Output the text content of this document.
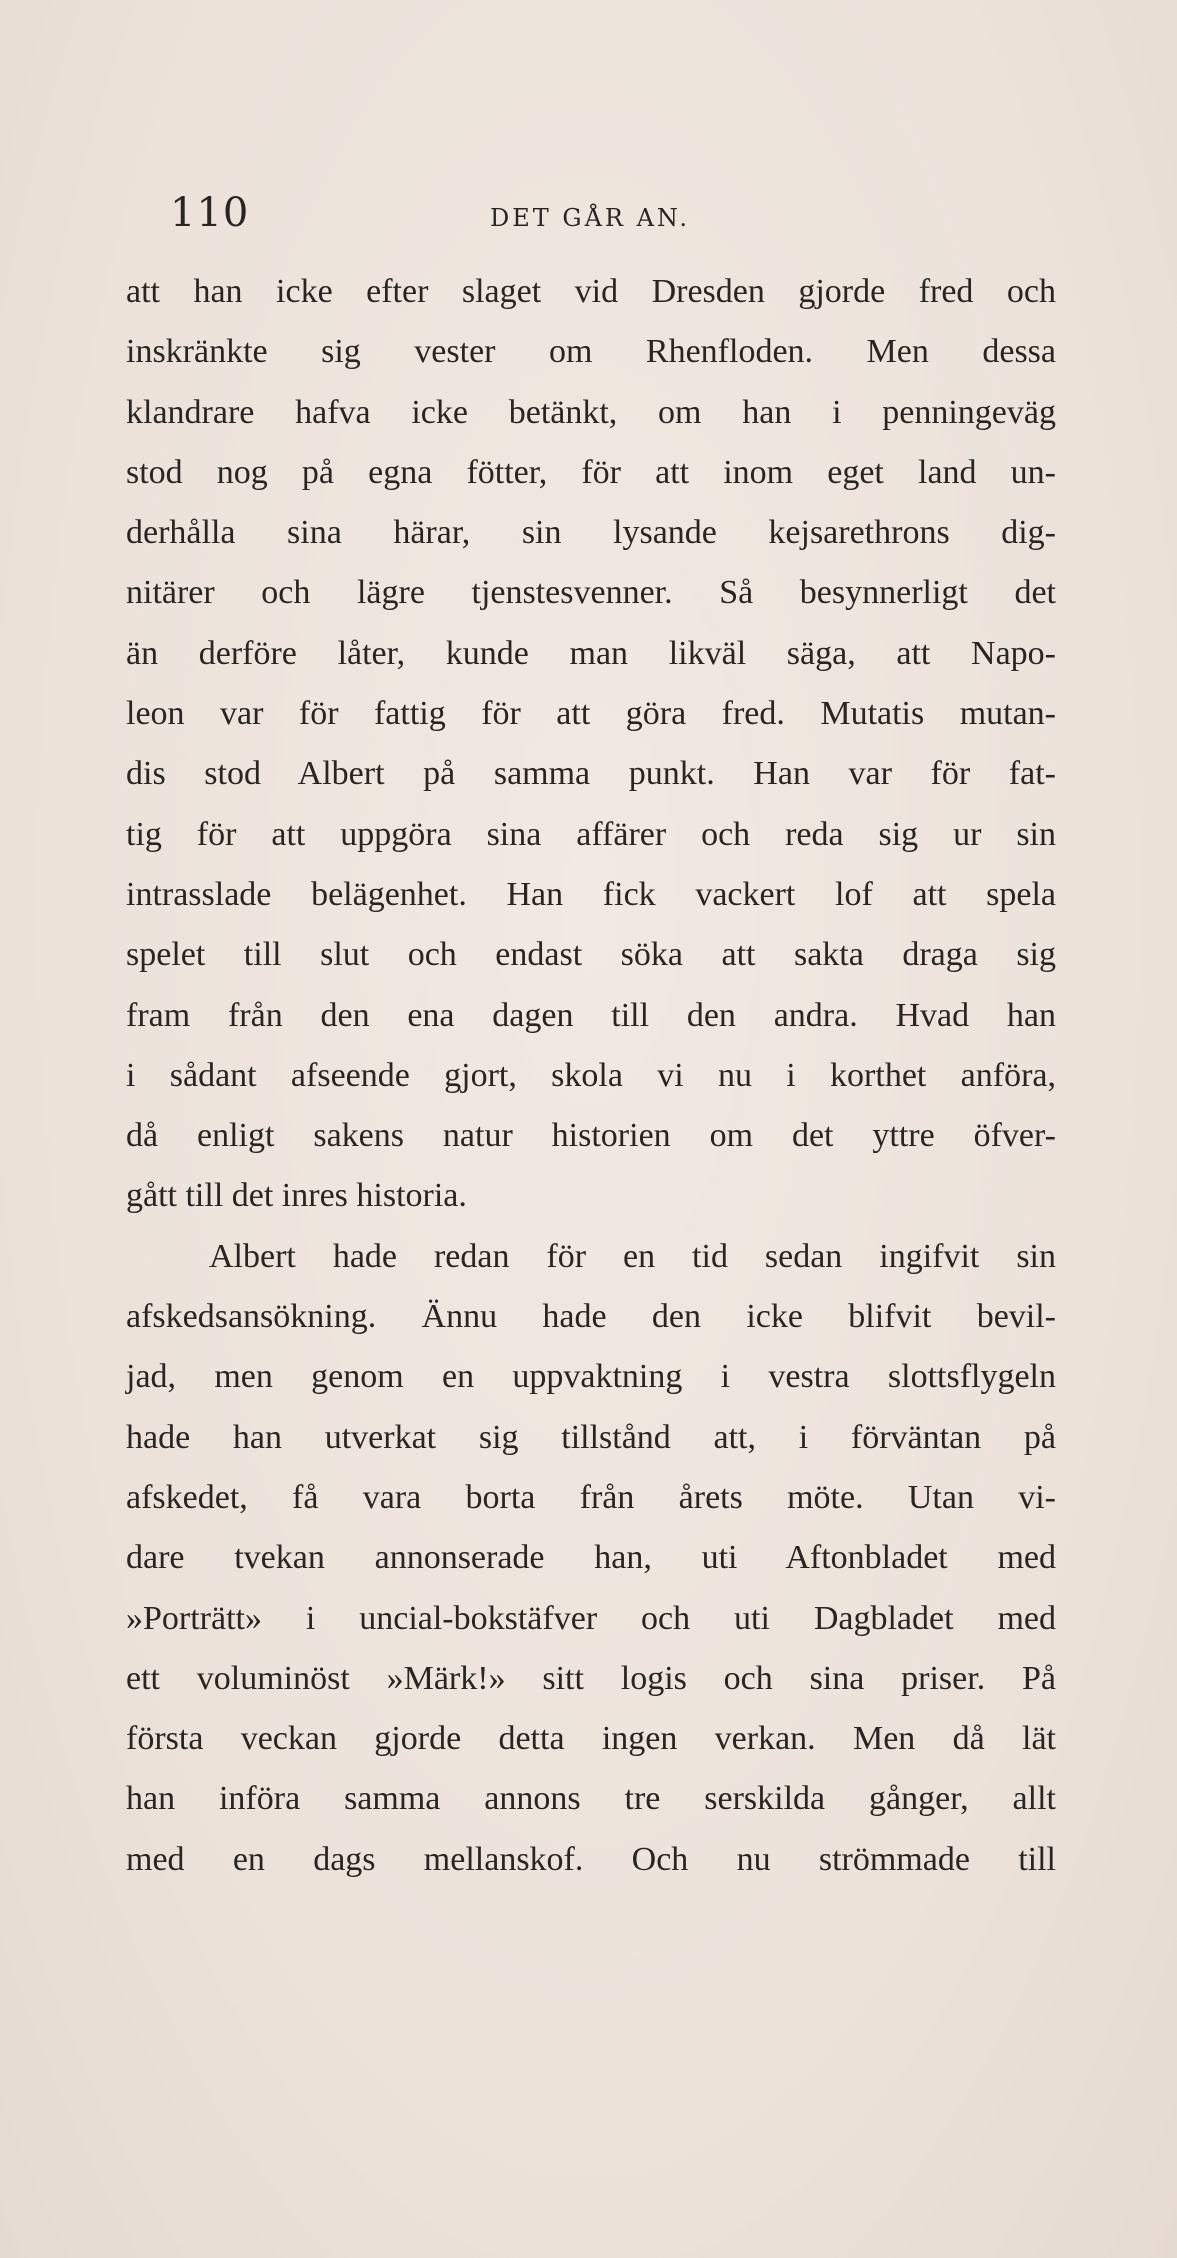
110	DET GÅR AN.
att han icke efter slaget vid Dresden gjorde fred och
inskränkte sig vester om Rhenfloden. Men dessa
klandrare hafva icke betänkt, om han i penningeväg
stod nog på egna fötter, för att inom eget land un-
derhålla sina härar, sin lysande kejsarethrons dig-
nitärer och lägre tjenstesvenner. Så besynnerligt det
än derföre låter, kunde man likväl säga, att Napo-
leon var för fattig för att göra fred. Mutatis mutan-
dis stod Albert på samma punkt. Han var för fat-
tig för att uppgöra sina affärer och reda sig ur sin
intrasslade belägenhet. Han fick vackert lof att spela
spelet till slut och endast söka att sakta draga sig
fram från den ena dagen till den andra. Hvad han
i sådant afseende gjort, skola vi nu i korthet anföra,
då enligt sakens natur historien om det yttre öfver-
gått till det inres historia.
Albert hade redan för en tid sedan ingifvit sin
afskedsansökning. Ännu hade den icke blifvit bevil-
jad, men genom en uppvaktning i vestra slottsflygeln
hade han utverkat sig tillstånd att, i förväntan på
afskedet, få vara borta från årets möte. Utan vi-
dare tvekan annonserade han, uti Aftonbladet med
»Porträtt» i uncial-bokstäfver och uti Dagbladet med
ett voluminöst »Märk!» sitt logis och sina priser. På
första veckan gjorde detta ingen verkan. Men då lät
han införa samma annons tre serskilda gånger, allt
med en dags mellanskof. Och nu strömmade till
